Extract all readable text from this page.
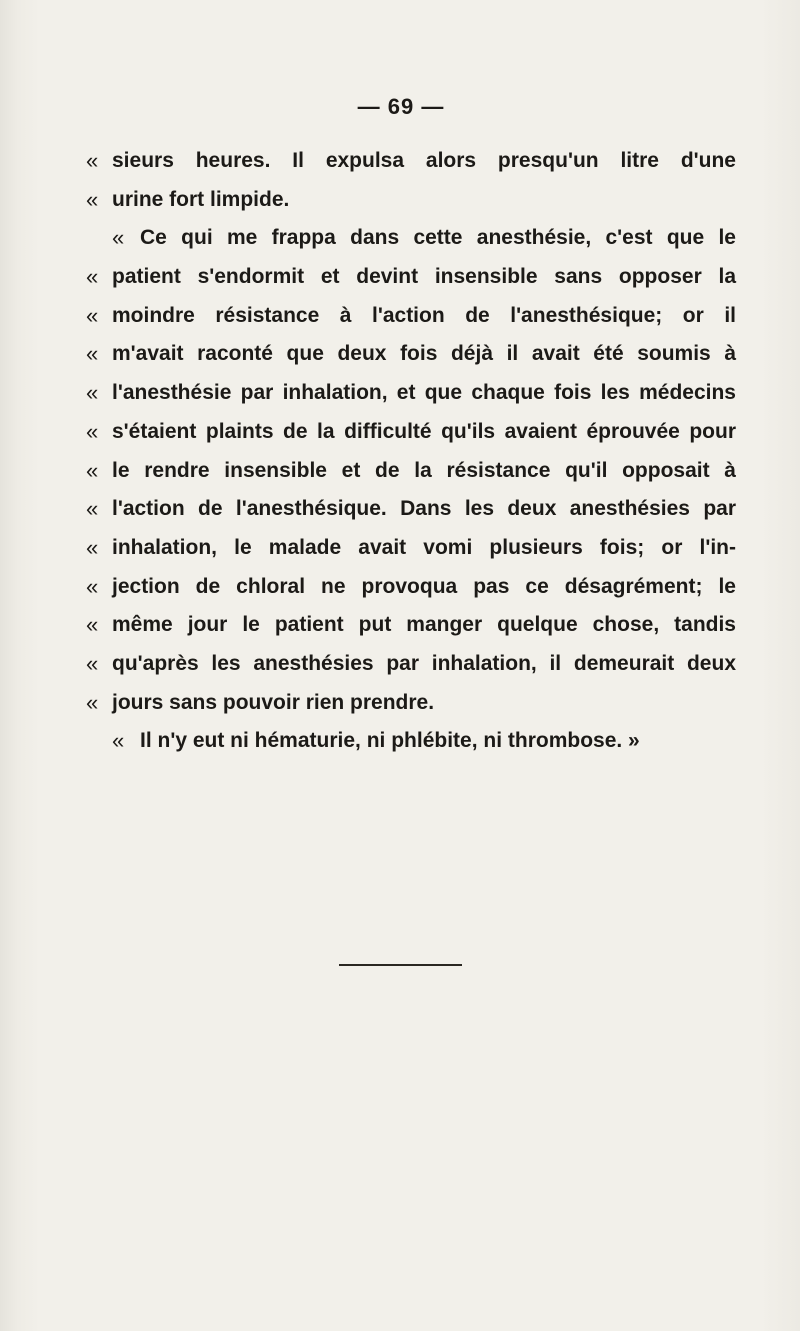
— 69 —
« sieurs heures. Il expulsa alors presqu'un litre d'une
« urine fort limpide.
« Ce qui me frappa dans cette anesthésie, c'est que le
« patient s'endormit et devint insensible sans opposer la
« moindre résistance à l'action de l'anesthésique; or il
« m'avait raconté que deux fois déjà il avait été soumis à
« l'anesthésie par inhalation, et que chaque fois les médecins
« s'étaient plaints de la difficulté qu'ils avaient éprouvée pour
« le rendre insensible et de la résistance qu'il opposait à
« l'action de l'anesthésique. Dans les deux anesthésies par
« inhalation, le malade avait vomi plusieurs fois; or l'in-
« jection de chloral ne provoqua pas ce désagrément; le
« même jour le patient put manger quelque chose, tandis
« qu'après les anesthésies par inhalation, il demeurait deux
« jours sans pouvoir rien prendre.
« Il n'y eut ni hématurie, ni phlébite, ni thrombose. »
